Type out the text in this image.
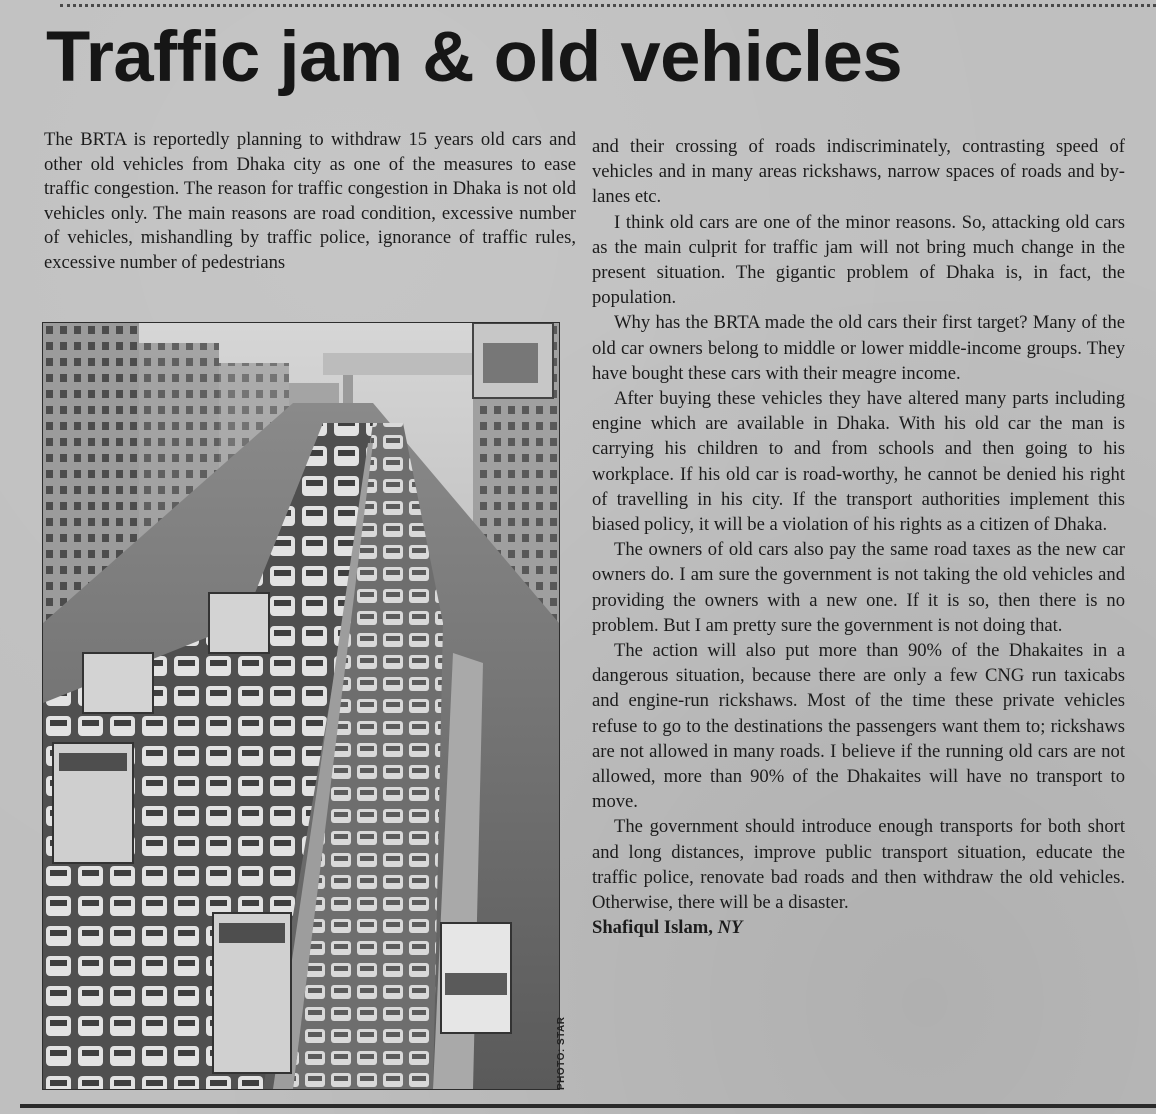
Traffic jam & old vehicles

The BRTA is reportedly planning to withdraw 15 years old cars and other old vehicles from Dhaka city as one of the measures to ease traffic congestion. The reason for traffic congestion in Dhaka is not old vehicles only. The main reasons are road condition, excessive number of vehicles, mishandling by traffic police, ignorance of traffic rules, excessive number of pedestrians

PHOTO: STAR

and their crossing of roads indiscriminately, contrasting speed of vehicles and in many areas rickshaws, narrow spaces of roads and by-lanes etc.

I think old cars are one of the minor reasons. So, attacking old cars as the main culprit for traffic jam will not bring much change in the present situation. The gigantic problem of Dhaka is, in fact, the population.

Why has the BRTA made the old cars their first target? Many of the old car owners belong to middle or lower middle-income groups. They have bought these cars with their meagre income.

After buying these vehicles they have altered many parts including engine which are available in Dhaka. With his old car the man is carrying his children to and from schools and then going to his workplace. If his old car is road-worthy, he cannot be denied his right of travelling in his city. If the transport authorities implement this biased policy, it will be a violation of his rights as a citizen of Dhaka.

The owners of old cars also pay the same road taxes as the new car owners do. I am sure the government is not taking the old vehicles and providing the owners with a new one. If it is so, then there is no problem. But I am pretty sure the government is not doing that.

The action will also put more than 90% of the Dhakaites in a dangerous situation, because there are only a few CNG run taxicabs and engine-run rickshaws. Most of the time these private vehicles refuse to go to the destinations the passengers want them to; rickshaws are not allowed in many roads. I believe if the running old cars are not allowed, more than 90% of the Dhakaites will have no transport to move.

The government should introduce enough transports for both short and long distances, improve public transport situation, educate the traffic police, renovate bad roads and then withdraw the old vehicles. Otherwise, there will be a disaster.

Shafiqul Islam, NY
